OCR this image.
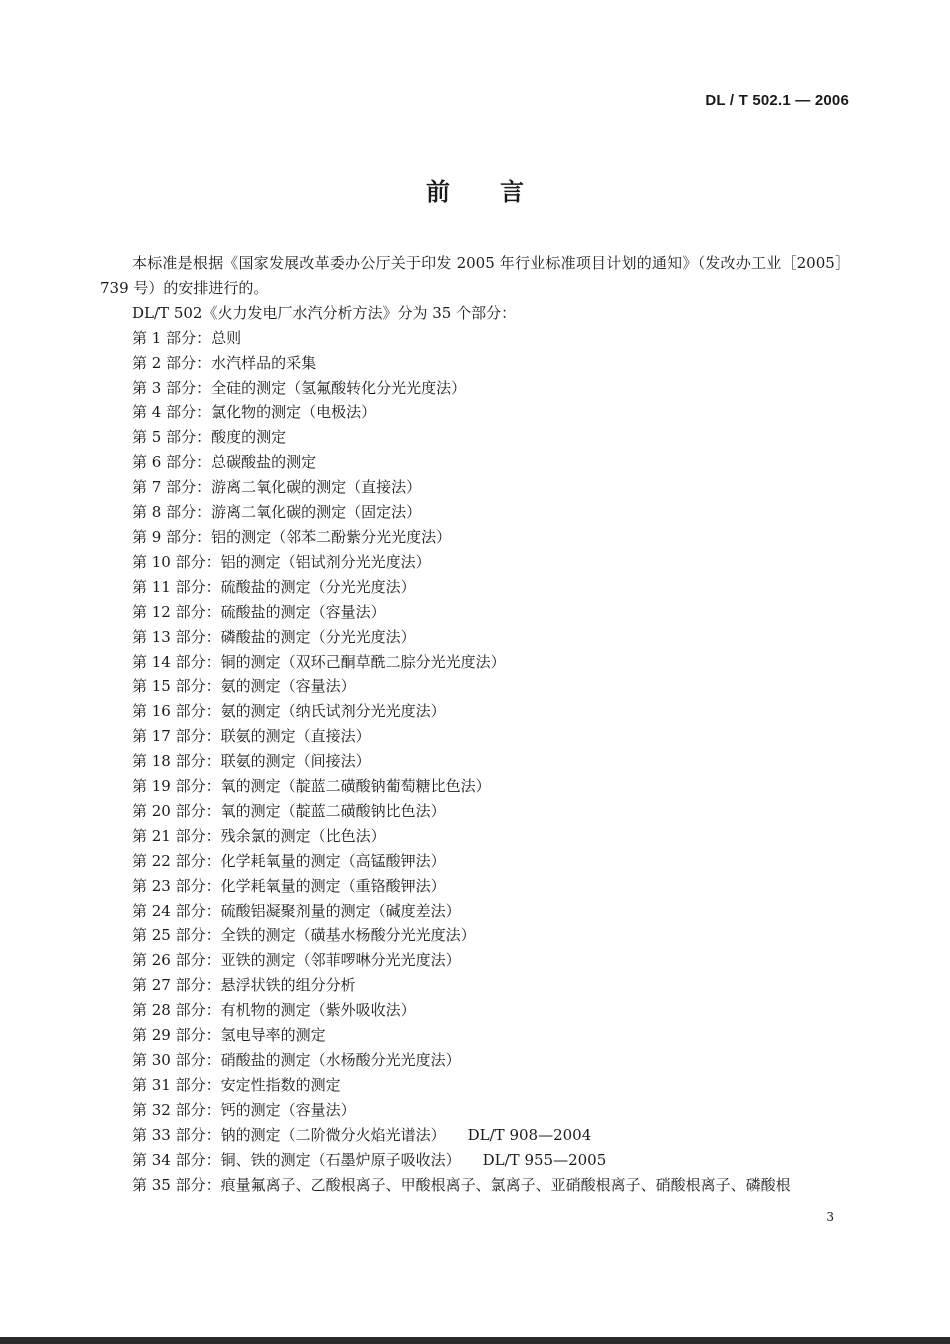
DL / T 502.1 — 2006
前言

本标准是根据《国家发展改革委办公厅关于印发 2005 年行业标准项目计划的通知》（发改办工业［2005］739 号）的安排进行的。

DL/T 502《火力发电厂水汽分析方法》分为 35 个部分：

第 1 部分：总则
第 2 部分：水汽样品的采集
第 3 部分：全硅的测定（氢氟酸转化分光光度法）
第 4 部分：氯化物的测定（电极法）
第 5 部分：酸度的测定
第 6 部分：总碳酸盐的测定
第 7 部分：游离二氧化碳的测定（直接法）
第 8 部分：游离二氧化碳的测定（固定法）
第 9 部分：铝的测定（邻苯二酚紫分光光度法）
第 10 部分：铝的测定（铝试剂分光光度法）
第 11 部分：硫酸盐的测定（分光光度法）
第 12 部分：硫酸盐的测定（容量法）
第 13 部分：磷酸盐的测定（分光光度法）
第 14 部分：铜的测定（双环己酮草酰二腙分光光度法）
第 15 部分：氨的测定（容量法）
第 16 部分：氨的测定（纳氏试剂分光光度法）
第 17 部分：联氨的测定（直接法）
第 18 部分：联氨的测定（间接法）
第 19 部分：氧的测定（靛蓝二磺酸钠葡萄糖比色法）
第 20 部分：氧的测定（靛蓝二磺酸钠比色法）
第 21 部分：残余氯的测定（比色法）
第 22 部分：化学耗氧量的测定（高锰酸钾法）
第 23 部分：化学耗氧量的测定（重铬酸钾法）
第 24 部分：硫酸铝凝聚剂量的测定（碱度差法）
第 25 部分：全铁的测定（磺基水杨酸分光光度法）
第 26 部分：亚铁的测定（邻菲啰啉分光光度法）
第 27 部分：悬浮状铁的组分分析
第 28 部分：有机物的测定（紫外吸收法）
第 29 部分：氢电导率的测定
第 30 部分：硝酸盐的测定（水杨酸分光光度法）
第 31 部分：安定性指数的测定
第 32 部分：钙的测定（容量法）
第 33 部分：钠的测定（二阶微分火焰光谱法） DL/T 908—2004
第 34 部分：铜、铁的测定（石墨炉原子吸收法） DL/T 955—2005
第 35 部分：痕量氟离子、乙酸根离子、甲酸根离子、氯离子、亚硝酸根离子、硝酸根离子、磷酸根
3
